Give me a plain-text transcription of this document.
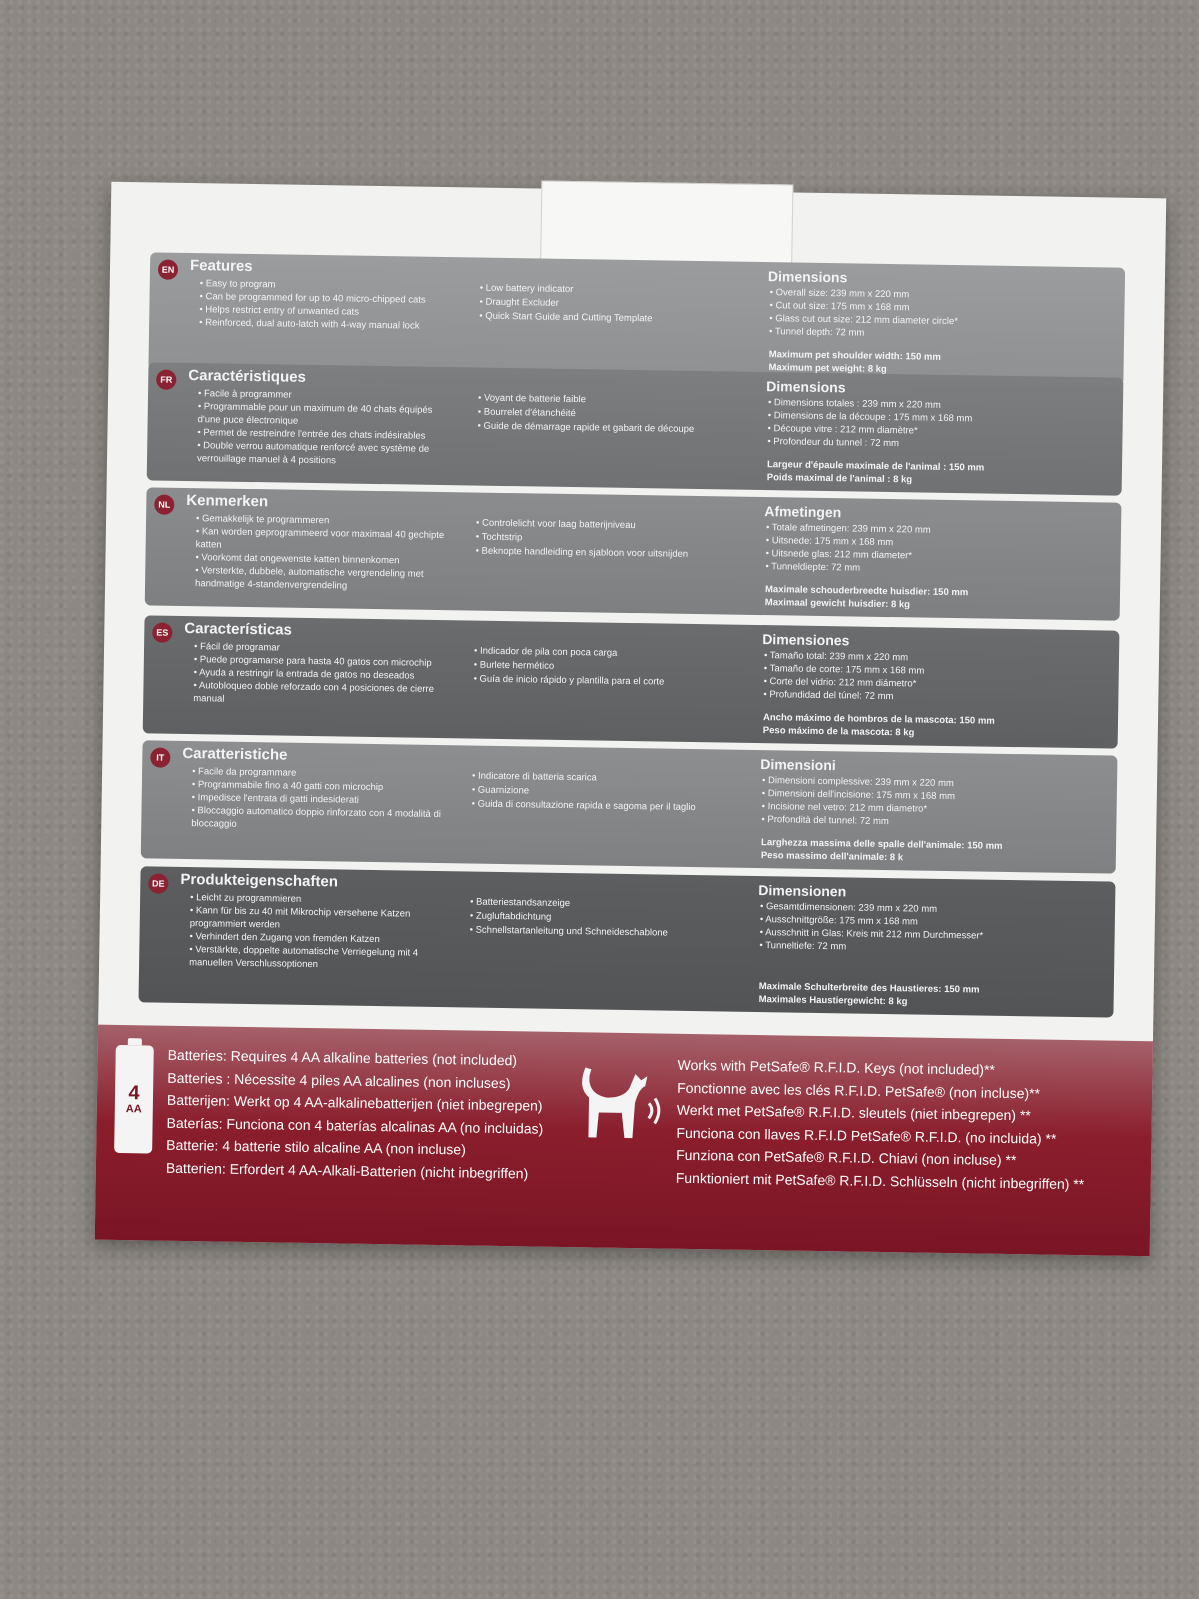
EN Features
• Easy to program
• Can be programmed for up to 40 micro-chipped cats
• Helps restrict entry of unwanted cats
• Reinforced, dual auto-latch with 4-way manual lock
• Low battery indicator
• Draught Excluder
• Quick Start Guide and Cutting Template
Dimensions
• Overall size: 239 mm x 220 mm
• Cut out size: 175 mm x 168 mm
• Glass cut out size: 212 mm diameter circle*
• Tunnel depth: 72 mm
Maximum pet shoulder width: 150 mm
Maximum pet weight: 8 kg
FR Caractéristiques
• Facile à programmer
• Programmable pour un maximum de 40 chats équipés d'une puce électronique
• Permet de restreindre l'entrée des chats indésirables
• Double verrou automatique renforcé avec système de verrouillage manuel à 4 positions
• Voyant de batterie faible
• Bourrelet d'étanchéité
• Guide de démarrage rapide et gabarit de découpe
Dimensions
• Dimensions totales : 239 mm x 220 mm
• Dimensions de la découpe : 175 mm x 168 mm
• Découpe vitre : 212 mm diamètre*
• Profondeur du tunnel : 72 mm
Largeur d'épaule maximale de l'animal : 150 mm
Poids maximal de l'animal : 8 kg
NL Kenmerken
• Gemakkelijk te programmeren
• Kan worden geprogrammeerd voor maximaal 40 gechipte katten
• Voorkomt dat ongewenste katten binnenkomen
• Versterkte, dubbele, automatische vergrendeling met handmatige 4-standenvergrendeling
• Controlelicht voor laag batterijniveau
• Tochtstrip
• Beknopte handleiding en sjabloon voor uitsnijden
Afmetingen
• Totale afmetingen: 239 mm x 220 mm
• Uitsnede: 175 mm x 168 mm
• Uitsnede glas: 212 mm diameter*
• Tunneldiepte: 72 mm
Maximale schouderbreedte huisdier: 150 mm
Maximaal gewicht huisdier: 8 kg
ES Características
• Fácil de programar
• Puede programarse para hasta 40 gatos con microchip
• Ayuda a restringir la entrada de gatos no deseados
• Autobloqueo doble reforzado con 4 posiciones de cierre manual
• Indicador de pila con poca carga
• Burlete hermético
• Guía de inicio rápido y plantilla para el corte
Dimensiones
• Tamaño total: 239 mm x 220 mm
• Tamaño de corte: 175 mm x 168 mm
• Corte del vidrio: 212 mm diámetro*
• Profundidad del túnel: 72 mm
Ancho máximo de hombros de la mascota: 150 mm
Peso máximo de la mascota: 8 kg
IT	Caratteristiche
• Facile da programmare
• Programmabile fino a 40 gatti con microchip
• Impedisce l'entrata di gatti indesiderati
• Bloccaggio automatico doppio rinforzato con 4 modalità di bloccaggio
• Indicatore di batteria scarica
• Guarnizione
• Guida di consultazione rapida e sagoma per il taglio
Dimensioni
• Dimensioni complessive: 239 mm x 220 mm
• Dimensioni dell'incisione: 175 mm x 168 mm
• Incisione nel vetro: 212 mm diametro*
• Profondità del tunnel: 72 mm
Larghezza massima delle spalle dell'animale: 150 mm
Peso massimo dell'animale: 8 k
DE Produkteigenschaften
• Leicht zu programmieren
• Kann für bis zu 40 mit Mikrochip versehene Katzen programmiert werden
• Verhindert den Zugang von fremden Katzen
• Verstärkte, doppelte automatische Verriegelung mit 4 manuellen Verschlussoptionen
• Batteriestandsanzeige
• Zugluftabdichtung
• Schnellstartanleitung und Schneideschablone
Dimensionen
• Gesamtdimensionen: 239 mm x 220 mm
• Ausschnittgröße: 175 mm x 168 mm
• Ausschnitt in Glas: Kreis mit 212 mm Durchmesser*
• Tunneltiefe: 72 mm
Maximale Schulterbreite des Haustieres: 150 mm
Maximales Haustiergewicht: 8 kg
4
AA
Batteries: Requires 4 AA alkaline batteries (not included)
Batteries : Nécessite 4 piles AA alcalines (non incluses)
Batterijen: Werkt op 4 AA-alkalinebatterijen (niet inbegrepen)
Baterías: Funciona con 4 baterías alcalinas AA (no incluidas)
Batterie: 4 batterie stilo alcaline AA (non incluse)
Batterien: Erfordert 4 AA-Alkali-Batterien (nicht inbegriffen)
Works with PetSafe® R.F.I.D. Keys (not included)**
Fonctionne avec les clés R.F.I.D. PetSafe® (non incluse)**
Werkt met PetSafe® R.F.I.D. sleutels (niet inbegrepen) **
Funciona con llaves R.F.I.D PetSafe® R.F.I.D. (no incluida) **
Funziona con PetSafe® R.F.I.D. Chiavi (non incluse) **
Funktioniert mit PetSafe® R.F.I.D. Schlüsseln (nicht inbegriffen) **
